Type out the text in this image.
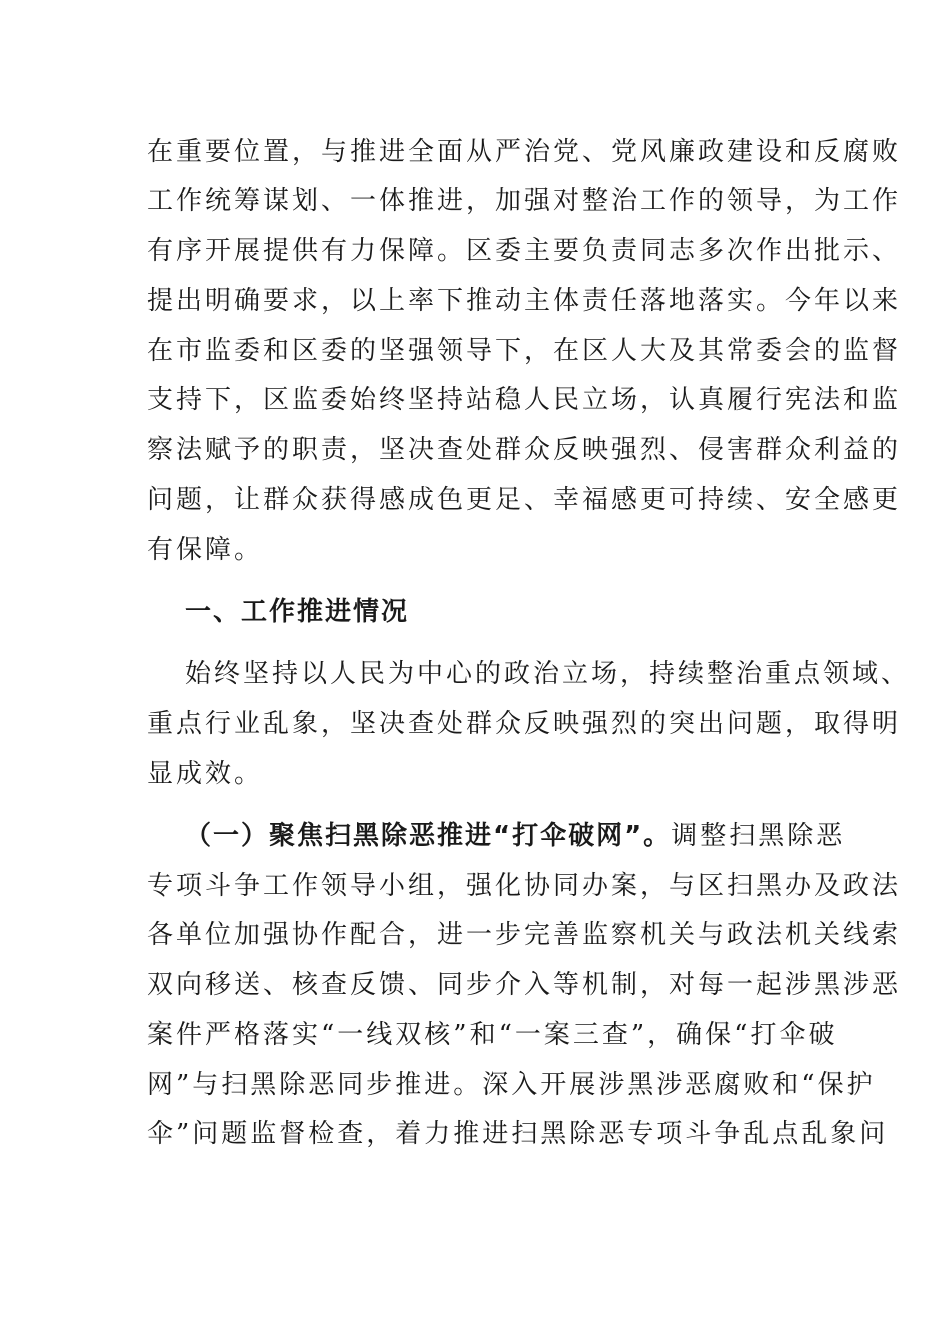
在重要位置，与推进全面从严治党、党风廉政建设和反腐败
工作统筹谋划、一体推进，加强对整治工作的领导，为工作
有序开展提供有力保障。区委主要负责同志多次作出批示、
提出明确要求，以上率下推动主体责任落地落实。今年以来
在市监委和区委的坚强领导下，在区人大及其常委会的监督
支持下，区监委始终坚持站稳人民立场，认真履行宪法和监
察法赋予的职责，坚决查处群众反映强烈、侵害群众利益的
问题，让群众获得感成色更足、幸福感更可持续、安全感更
有保障。
一、工作推进情况
始终坚持以人民为中心的政治立场，持续整治重点领域、
重点行业乱象，坚决查处群众反映强烈的突出问题，取得明
显成效。
（一）聚焦扫黑除恶推进“打伞破网”。调整扫黑除恶
专项斗争工作领导小组，强化协同办案，与区扫黑办及政法
各单位加强协作配合，进一步完善监察机关与政法机关线索
双向移送、核查反馈、同步介入等机制，对每一起涉黑涉恶
案件严格落实“一线双核”和“一案三查”，确保“打伞破
网”与扫黑除恶同步推进。深入开展涉黑涉恶腐败和“保护
伞”问题监督检查，着力推进扫黑除恶专项斗争乱点乱象问
